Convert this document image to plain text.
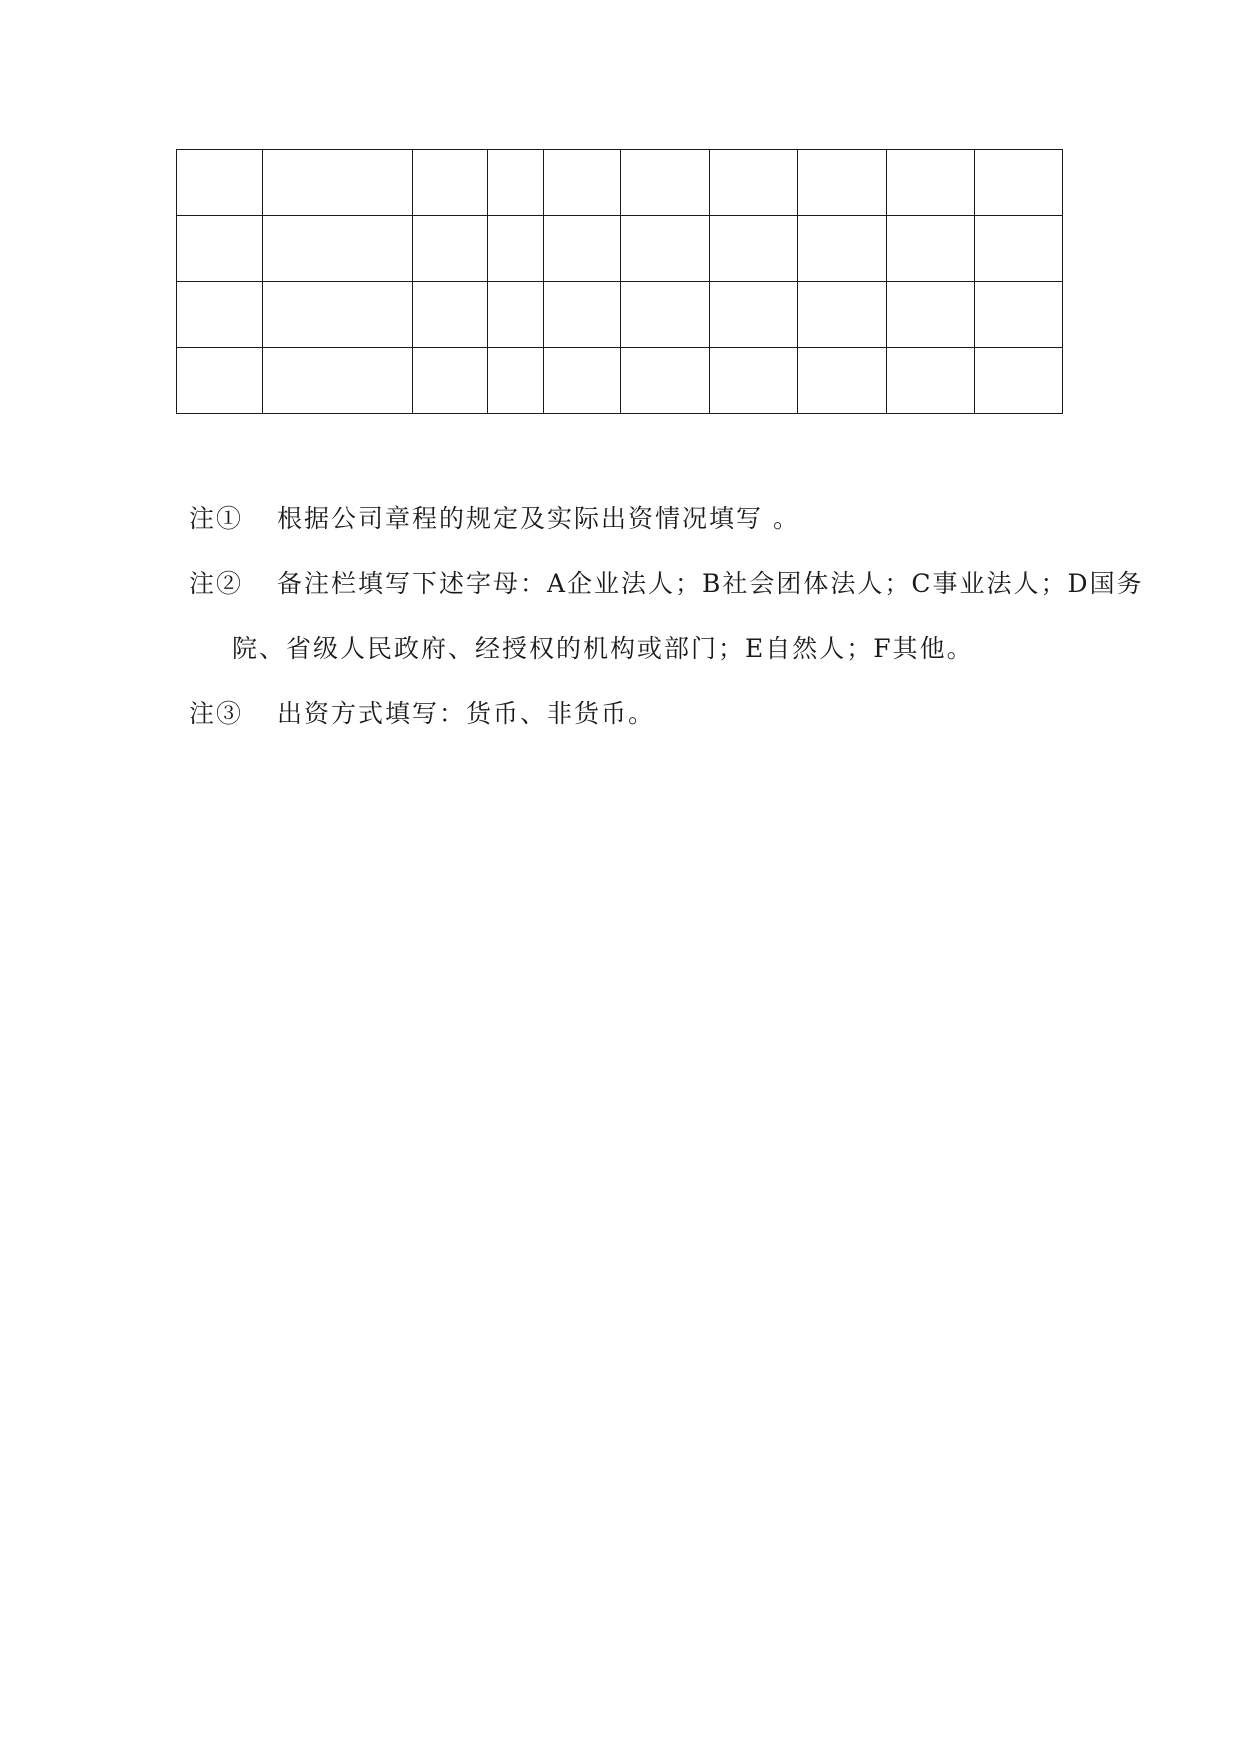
注① 根据公司章程的规定及实际出资情况填写 。
注②	备注栏填写下述字母：A企业法人；B社会团体法人；C事业法人；D国务
院、省级人民政府、经授权的机构或部门；E自然人；F其他。
注③ 出资方式填写：货币、非货币。
